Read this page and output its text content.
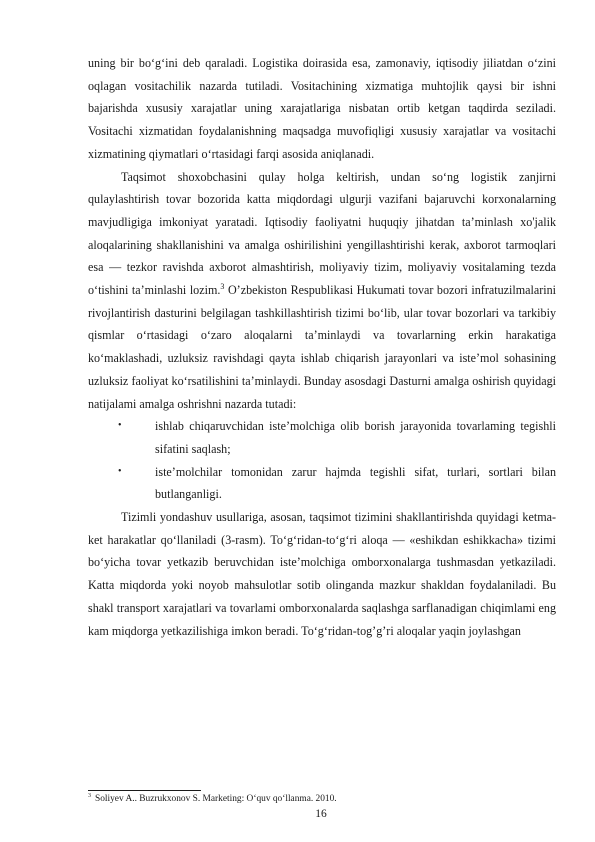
uning bir bo‘g‘ini deb qaraladi. Logistika doirasida esa, zamonaviy, iqtisodiy jiliatdan o‘zini oqlagan vositachilik nazarda tutiladi. Vositachining xizmatiga muhtojlik qaysi bir ishni bajarishda xususiy xarajatlar uning xarajatlariga nisbatan ortib ketgan taqdirda seziladi. Vositachi xizmatidan foydalanishning maqsadga muvofiqligi xususiy xarajatlar va vositachi xizmatining qiymatlari o‘rtasidagi farqi asosida aniqlanadi.

Taqsimot shoxobchasini qulay holga keltirish, undan so‘ng logistik zanjirni qulaylashtirish tovar bozorida katta miqdordagi ulgurji vazifani bajaruvchi korxonalarning mavjudligiga imkoniyat yaratadi. Iqtisodiy faoliyatni huquqiy jihatdan ta’minlash xo'jalik aloqalarining shakllanishini va amalga oshirilishini yengillashtirishi kerak, axborot tarmoqlari esa — tezkor ravishda axborot almashtirish, moliyaviy tizim, moliyaviy vositalaming tezda o‘tishini ta’minlashi lozim.$^3$ O’zbekiston Respublikasi Hukumati tovar bozori infratuzilmalarini rivojlantirish dasturini belgilagan tashkillashtirish tizimi bo‘lib, ular tovar bozorlari va tarkibiy qismlar o‘rtasidagi o‘zaro aloqalarni ta’minlaydi va tovarlarning erkin harakatiga ko‘maklashadi, uzluksiz ravishdagi qayta ishlab chiqarish jarayonlari va iste’mol sohasining uzluksiz faoliyat ko‘rsatilishini ta’minlaydi. Bunday asosdagi Dasturni amalga oshirish quyidagi natijalami amalga oshrishni nazarda tutadi:

•	ishlab chiqaruvchidan iste’molchiga olib borish jarayonida tovarlaming tegishli sifatini saqlash;

•	iste’molchilar tomonidan zarur hajmda tegishli sifat, turlari, sortlari bilan butlanganligi.

Tizimli yondashuv usullariga, asosan, taqsimot tizimini shakllantirishda quyidagi ketma-ket harakatlar qo‘llaniladi (3-rasm). To‘g‘ridan-to‘g‘ri aloqa — «eshikdan eshikkacha» tizimi bo‘yicha tovar yetkazib beruvchidan iste’molchiga omborxonalarga tushmasdan yetkaziladi. Katta miqdorda yoki noyob mahsulotlar sotib olinganda mazkur shakldan foydalaniladi. Bu shakl transport xarajatlari va tovarlami omborxonalarda saqlashga sarflanadigan chiqimlami eng kam miqdorga yetkazilishiga imkon beradi. To‘g‘ridan-tog’g’ri aloqalar yaqin joylashgan

$^3$ Soliyev A.. Buzrukxonov S. Marketing: O‘quv qo‘llanma. 2010.
16
